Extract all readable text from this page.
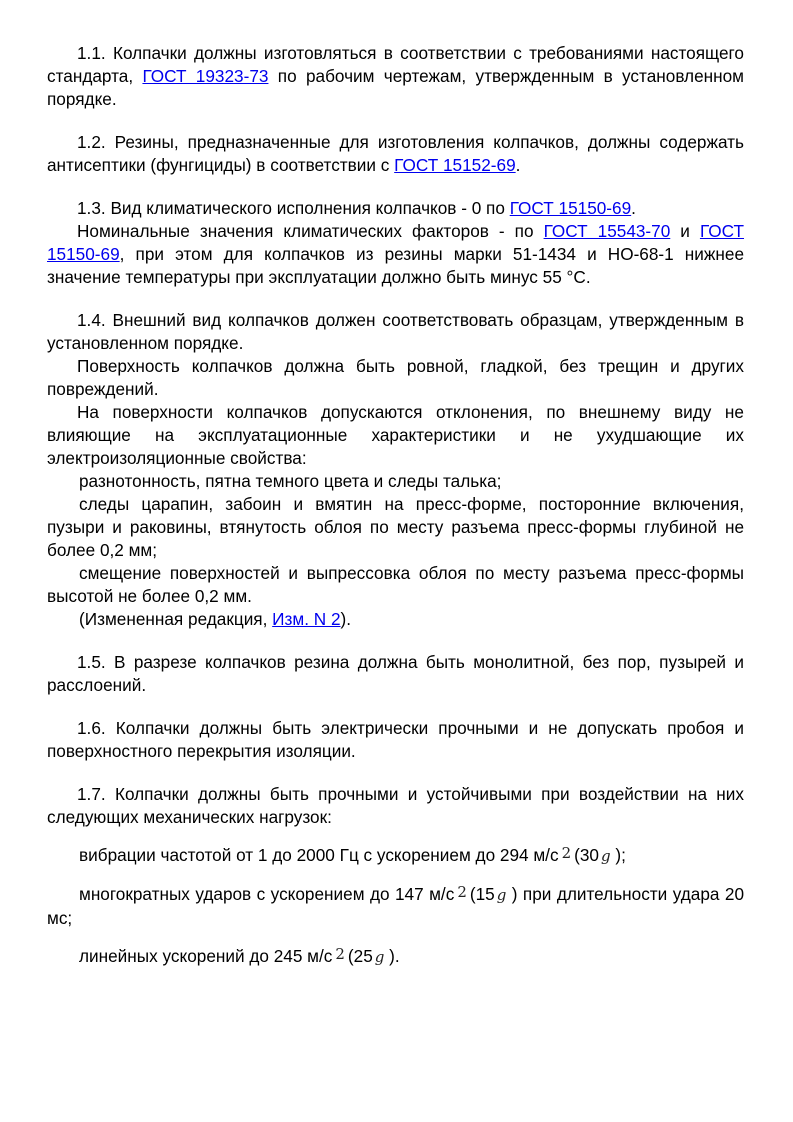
1.1. Колпачки должны изготовляться в соответствии с требованиями настоящего стандарта, ГОСТ 19323-73 по рабочим чертежам, утвержденным в установленном порядке.

1.2. Резины, предназначенные для изготовления колпачков, должны содержать антисептики (фунгициды) в соответствии с ГОСТ 15152-69.

1.3. Вид климатического исполнения колпачков - 0 по ГОСТ 15150-69.

Номинальные значения климатических факторов - по ГОСТ 15543-70 и ГОСТ 15150-69, при этом для колпачков из резины марки 51-1434 и НО-68-1 нижнее значение температуры при эксплуатации должно быть минус 55 °С.

1.4. Внешний вид колпачков должен соответствовать образцам, утвержденным в установленном порядке.

Поверхность колпачков должна быть ровной, гладкой, без трещин и других повреждений.

На поверхности колпачков допускаются отклонения, по внешнему виду не влияющие на эксплуатационные характеристики и не ухудшающие их электроизоляционные свойства:

разнотонность, пятна темного цвета и следы талька;

следы царапин, забоин и вмятин на пресс-форме, посторонние включения, пузыри и раковины, втянутость облоя по месту разъема пресс-формы глубиной не более 0,2 мм;

смещение поверхностей и выпрессовка облоя по месту разъема пресс-формы высотой не более 0,2 мм.

(Измененная редакция, Изм. N 2).

1.5. В разрезе колпачков резина должна быть монолитной, без пор, пузырей и расслоений.

1.6. Колпачки должны быть электрически прочными и не допускать пробоя и поверхностного перекрытия изоляции.

1.7. Колпачки должны быть прочными и устойчивыми при воздействии на них следующих механических нагрузок:

вибрации частотой от 1 до 2000 Гц с ускорением до 294 м/с 2 (30 g );

многократных ударов с ускорением до 147 м/с 2 (15 g ) при длительности удара 20 мс;

линейных ускорений до 245 м/с 2 (25 g ).
